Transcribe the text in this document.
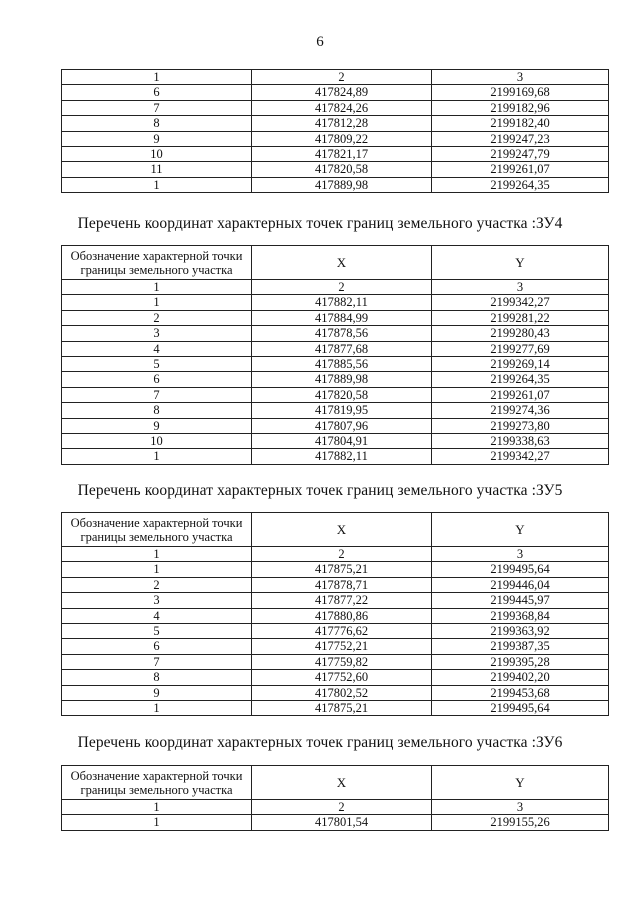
6
1	2	3
6	417824,89	2199169,68
7	417824,26	2199182,96
8	417812,28	2199182,40
9	417809,22	2199247,23
10	417821,17	2199247,79
11	417820,58	2199261,07
1	417889,98	2199264,35
Перечень координат характерных точек границ земельного участка :ЗУ4
Обозначение характерной точки границы земельного участка	X	Y
1	2	3
1	417882,11	2199342,27
2	417884,99	2199281,22
3	417878,56	2199280,43
4	417877,68	2199277,69
5	417885,56	2199269,14
6	417889,98	2199264,35
7	417820,58	2199261,07
8	417819,95	2199274,36
9	417807,96	2199273,80
10	417804,91	2199338,63
1	417882,11	2199342,27
Перечень координат характерных точек границ земельного участка :ЗУ5
Обозначение характерной точки границы земельного участка	X	Y
1	2	3
1	417875,21	2199495,64
2	417878,71	2199446,04
3	417877,22	2199445,97
4	417880,86	2199368,84
5	417776,62	2199363,92
6	417752,21	2199387,35
7	417759,82	2199395,28
8	417752,60	2199402,20
9	417802,52	2199453,68
1	417875,21	2199495,64
Перечень координат характерных точек границ земельного участка :ЗУ6
Обозначение характерной точки границы земельного участка	X	Y
1	2	3
1	417801,54	2199155,26
